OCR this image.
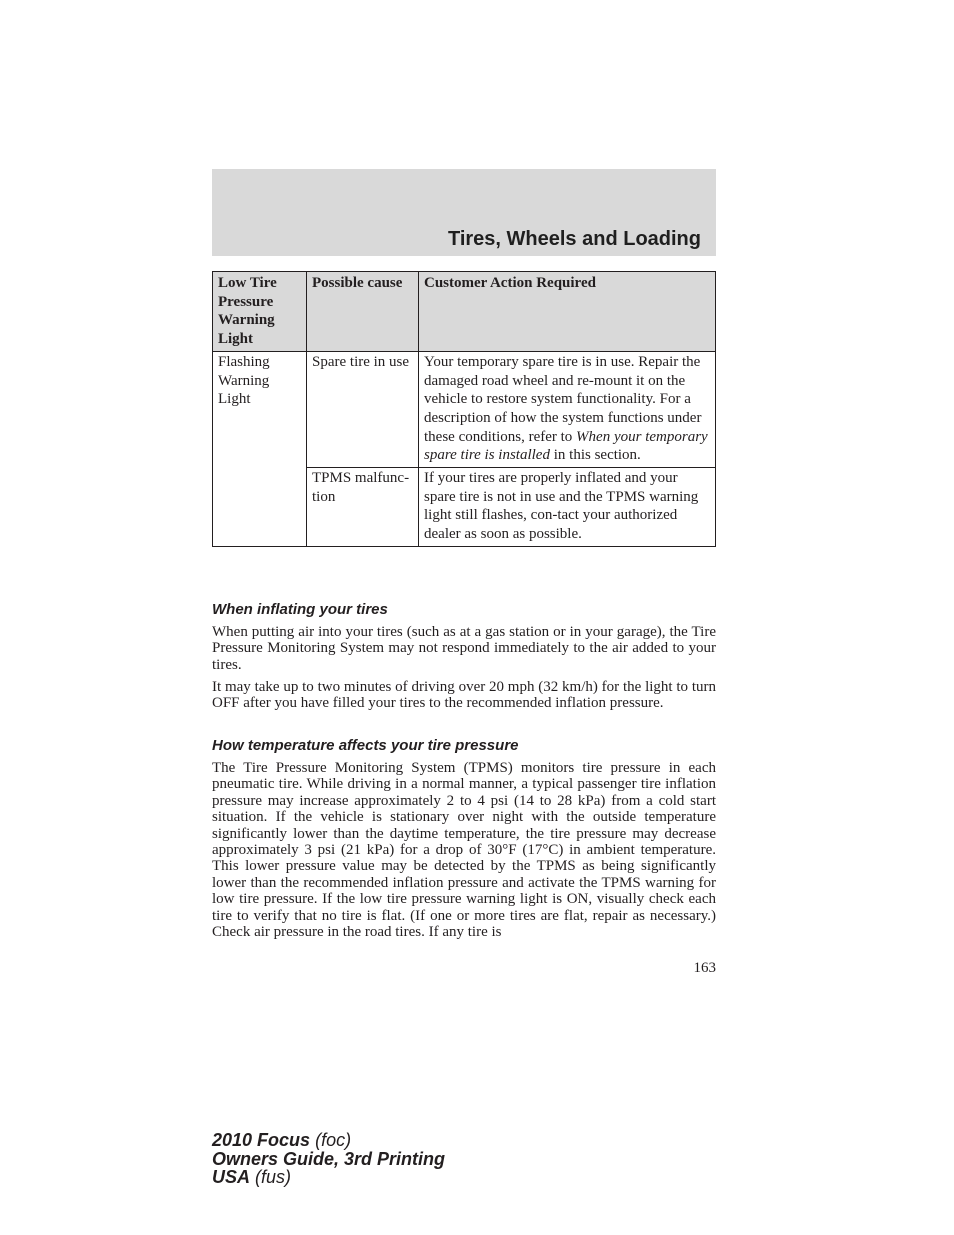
Tires, Wheels and Loading
Low Tire Pressure Warning Light	Possible cause	Customer Action Required
Flashing Warning Light	Spare tire in use	Your temporary spare tire is in use. Repair the damaged road wheel and re-mount it on the vehicle to restore system functionality. For a description of how the system functions under these conditions, refer to When your temporary spare tire is installed in this section.
	TPMS malfunc-tion	If your tires are properly inflated and your spare tire is not in use and the TPMS warning light still flashes, con-tact your authorized dealer as soon as possible.
When inflating your tires

When putting air into your tires (such as at a gas station or in your garage), the Tire Pressure Monitoring System may not respond immediately to the air added to your tires.

It may take up to two minutes of driving over 20 mph (32 km/h) for the light to turn OFF after you have filled your tires to the recommended inflation pressure.

How temperature affects your tire pressure

The Tire Pressure Monitoring System (TPMS) monitors tire pressure in each pneumatic tire. While driving in a normal manner, a typical passenger tire inflation pressure may increase approximately 2 to 4 psi (14 to 28 kPa) from a cold start situation. If the vehicle is stationary over night with the outside temperature significantly lower than the daytime temperature, the tire pressure may decrease approximately 3 psi (21 kPa) for a drop of 30°F (17°C) in ambient temperature. This lower pressure value may be detected by the TPMS as being significantly lower than the recommended inflation pressure and activate the TPMS warning for low tire pressure. If the low tire pressure warning light is ON, visually check each tire to verify that no tire is flat. (If one or more tires are flat, repair as necessary.) Check air pressure in the road tires. If any tire is

163
2010 Focus (foc)
Owners Guide, 3rd Printing
USA (fus)
